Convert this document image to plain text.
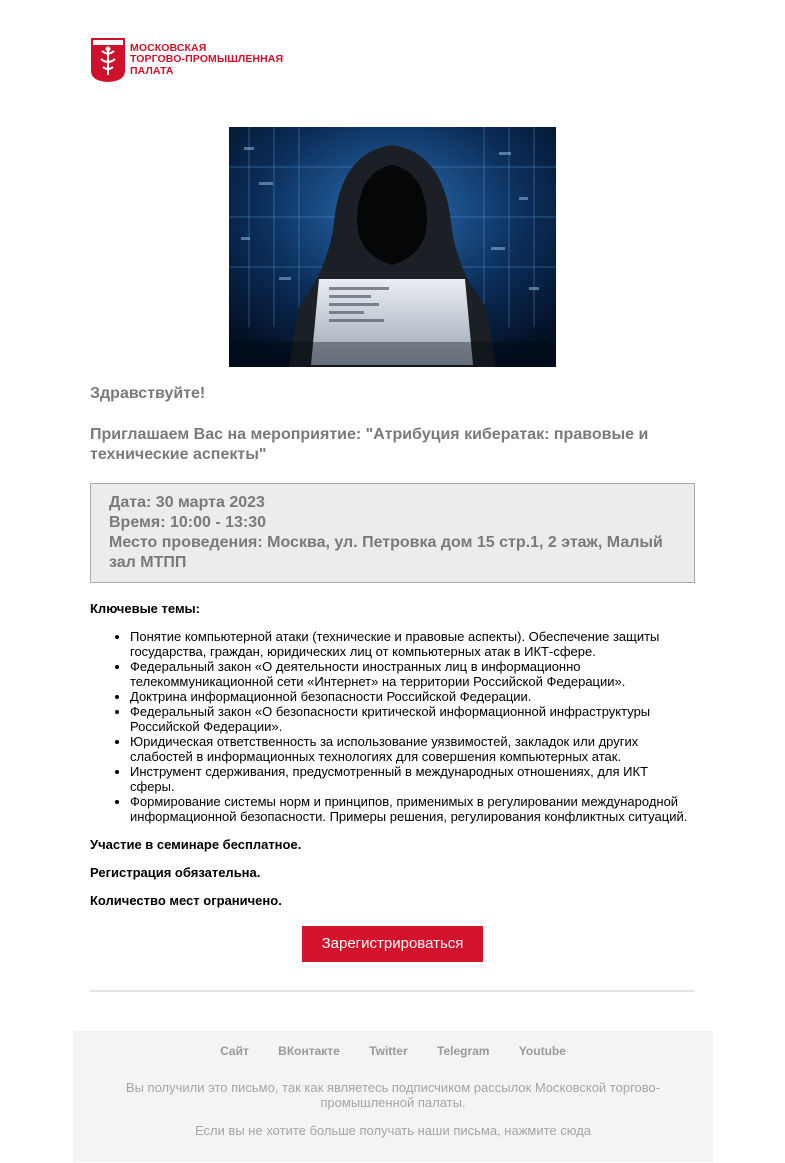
МОСКОВСКАЯ
ТОРГОВО-ПРОМЫШЛЕННАЯ
ПАЛАТА
Здравствуйте!
Приглашаем Вас на мероприятие: "Атрибуция кибератак: правовые и технические аспекты"
Дата: 30 марта 2023
Время: 10:00 - 13:30
Место проведения: Москва, ул. Петровка дом 15 стр.1, 2 этаж, Малый зал МТПП
Ключевые темы:
• Понятие компьютерной атаки (технические и правовые аспекты). Обеспечение защиты государства, граждан, юридических лиц от компьютерных атак в ИКТ-сфере.
• Федеральный закон «О деятельности иностранных лиц в информационно телекоммуникационной сети «Интернет» на территории Российской Федерации».
• Доктрина информационной безопасности Российской Федерации.
• Федеральный закон «О безопасности критической информационной инфраструктуры Российской Федерации».
• Юридическая ответственность за использование уязвимостей, закладок или других слабостей в информационных технологиях для совершения компьютерных атак.
• Инструмент сдерживания, предусмотренный в международных отношениях, для ИКТ сферы.
• Формирование системы норм и принципов, применимых в регулировании международной информационной безопасности. Примеры решения, регулирования конфликтных ситуаций.
Участие в семинаре бесплатное.
Регистрация обязательна.
Количество мест ограничено.
Зарегистрироваться
Сайт ВКонтакте Twitter Telegram Youtube
Вы получили это письмо, так как являетесь подписчиком рассылок Московской торгово-промышленной палаты.
Если вы не хотите больше получать наши письма, нажмите сюда
